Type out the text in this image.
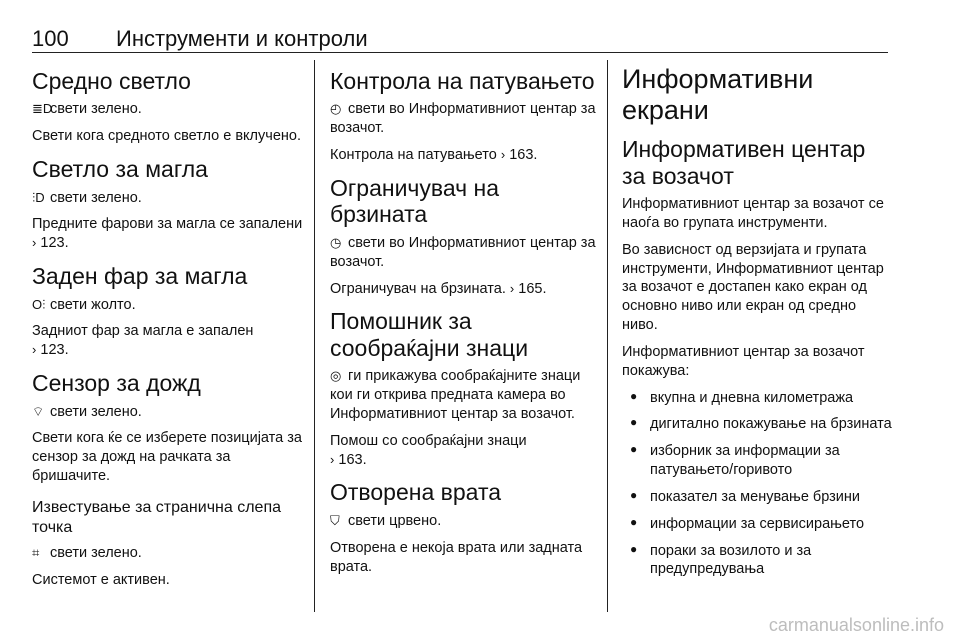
100 Инструменти и контроли
Средно светло

≣Dсвети зелено.

Свети кога средното светло е вклучено.

Светло за магла

⫶D свети зелено.

Предните фарови за магла се запалени › 123.

Заден фар за магла

O⫶ свети жолто.

Задниот фар за магла е запален
› 123.

Сензор за дожд

⌔ свети зелено.

Свети кога ќе се изберете позицијата за сензор за дожд на рачката за бришачите.

Известување за странична слепа точка

⌗ свети зелено.

Системот е активен.

Контрола на патувањето

◴ свети во Информативниот центар за возачот.

Контрола на патувањето › 163.

Ограничувач на брзината

◷ свети во Информативниот центар за возачот.

Ограничувач на брзината. › 165.

Помошник за сообраќајни знаци

◎ ги прикажува сообраќајните знаци кои ги открива предната камера во Информативниот центар за возачот.

Помош со сообраќајни знаци
› 163.

Отворена врата

⛉ свети црвено.

Отворена е некоја врата или задната врата.

Информативни екрани
Информативен центар за возачот

Информативниот центар за возачот се наоѓа во групата инструменти.

Во зависност од верзијата и групата инструменти, Информативниот центар за возачот е достапен како екран од основно ниво или екран од средно ниво.

Информативниот центар за возачот покажува:

● вкупна и дневна километража
● дигитално покажување на брзината
● изборник за информации за патувањето/горивото
● показател за менување брзини
● информации за сервисирањето
● пораки за возилото и за предупредувања
carmanualsonline.info
